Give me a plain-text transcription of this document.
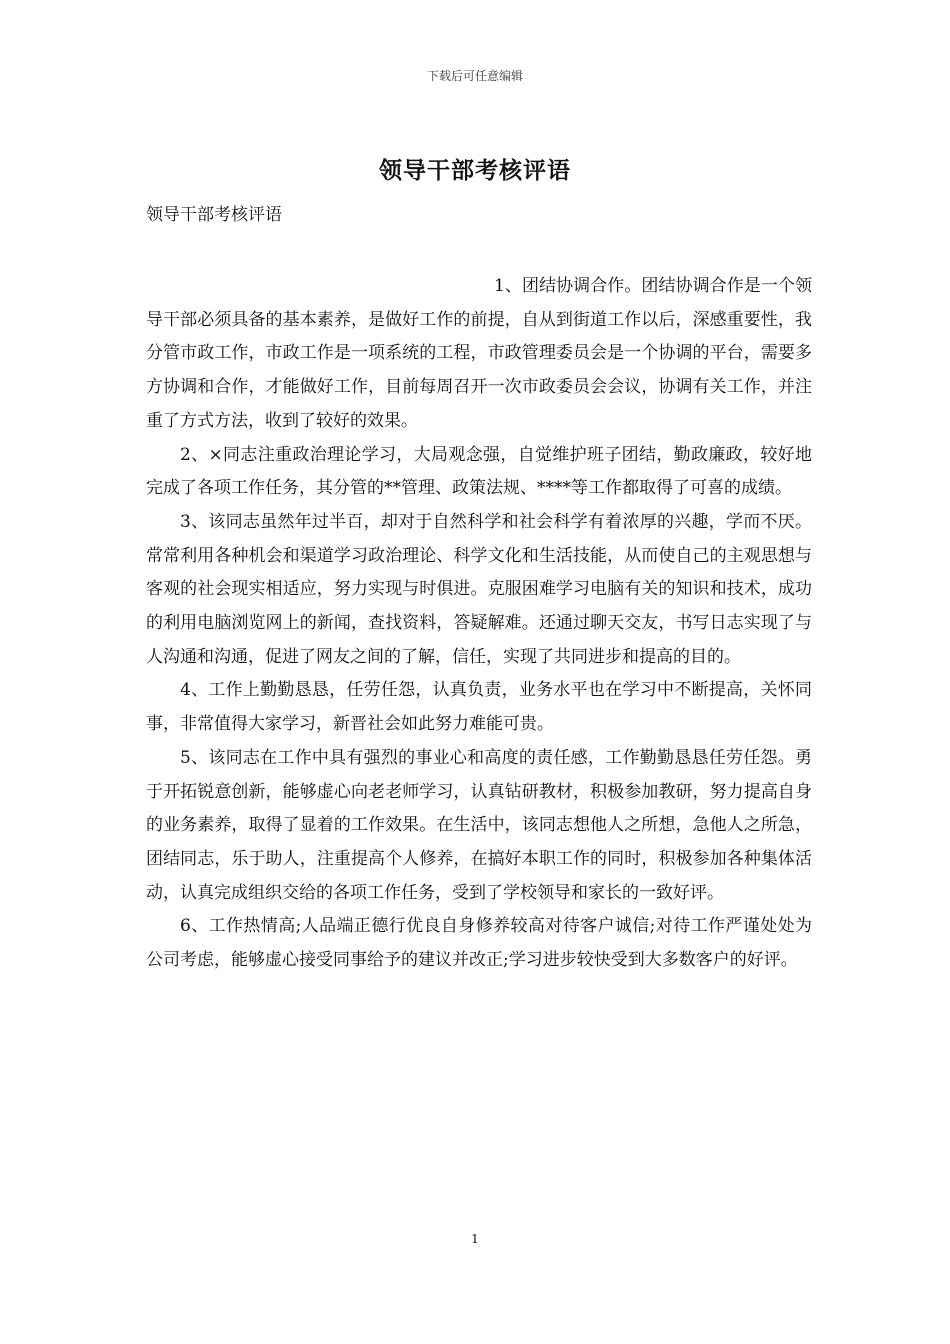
下载后可任意编辑
领导干部考核评语
领导干部考核评语

1、团结协调合作。团结协调合作是一个领导干部必须具备的基本素养，是做好工作的前提，自从到街道工作以后，深感重要性，我分管市政工作，市政工作是一项系统的工程，市政管理委员会是一个协调的平台，需要多方协调和合作，才能做好工作，目前每周召开一次市政委员会会议，协调有关工作，并注重了方式方法，收到了较好的效果。

2、×同志注重政治理论学习，大局观念强，自觉维护班子团结，勤政廉政，较好地完成了各项工作任务，其分管的**管理、政策法规、****等工作都取得了可喜的成绩。

3、该同志虽然年过半百，却对于自然科学和社会科学有着浓厚的兴趣，学而不厌。常常利用各种机会和渠道学习政治理论、科学文化和生活技能，从而使自己的主观思想与客观的社会现实相适应，努力实现与时俱进。克服困难学习电脑有关的知识和技术，成功的利用电脑浏览网上的新闻，查找资料，答疑解难。还通过聊天交友，书写日志实现了与人沟通和沟通，促进了网友之间的了解，信任，实现了共同进步和提高的目的。

4、工作上勤勤恳恳，任劳任怨，认真负责，业务水平也在学习中不断提高，关怀同事，非常值得大家学习，新晋社会如此努力难能可贵。

5、该同志在工作中具有强烈的事业心和高度的责任感，工作勤勤恳恳任劳任怨。勇于开拓锐意创新，能够虚心向老老师学习，认真钻研教材，积极参加教研，努力提高自身的业务素养，取得了显着的工作效果。在生活中，该同志想他人之所想，急他人之所急，团结同志，乐于助人，注重提高个人修养，在搞好本职工作的同时，积极参加各种集体活动，认真完成组织交给的各项工作任务，受到了学校领导和家长的一致好评。

6、工作热情高;人品端正德行优良自身修养较高对待客户诚信;对待工作严谨处处为公司考虑，能够虚心接受同事给予的建议并改正;学习进步较快受到大多数客户的好评。

1
